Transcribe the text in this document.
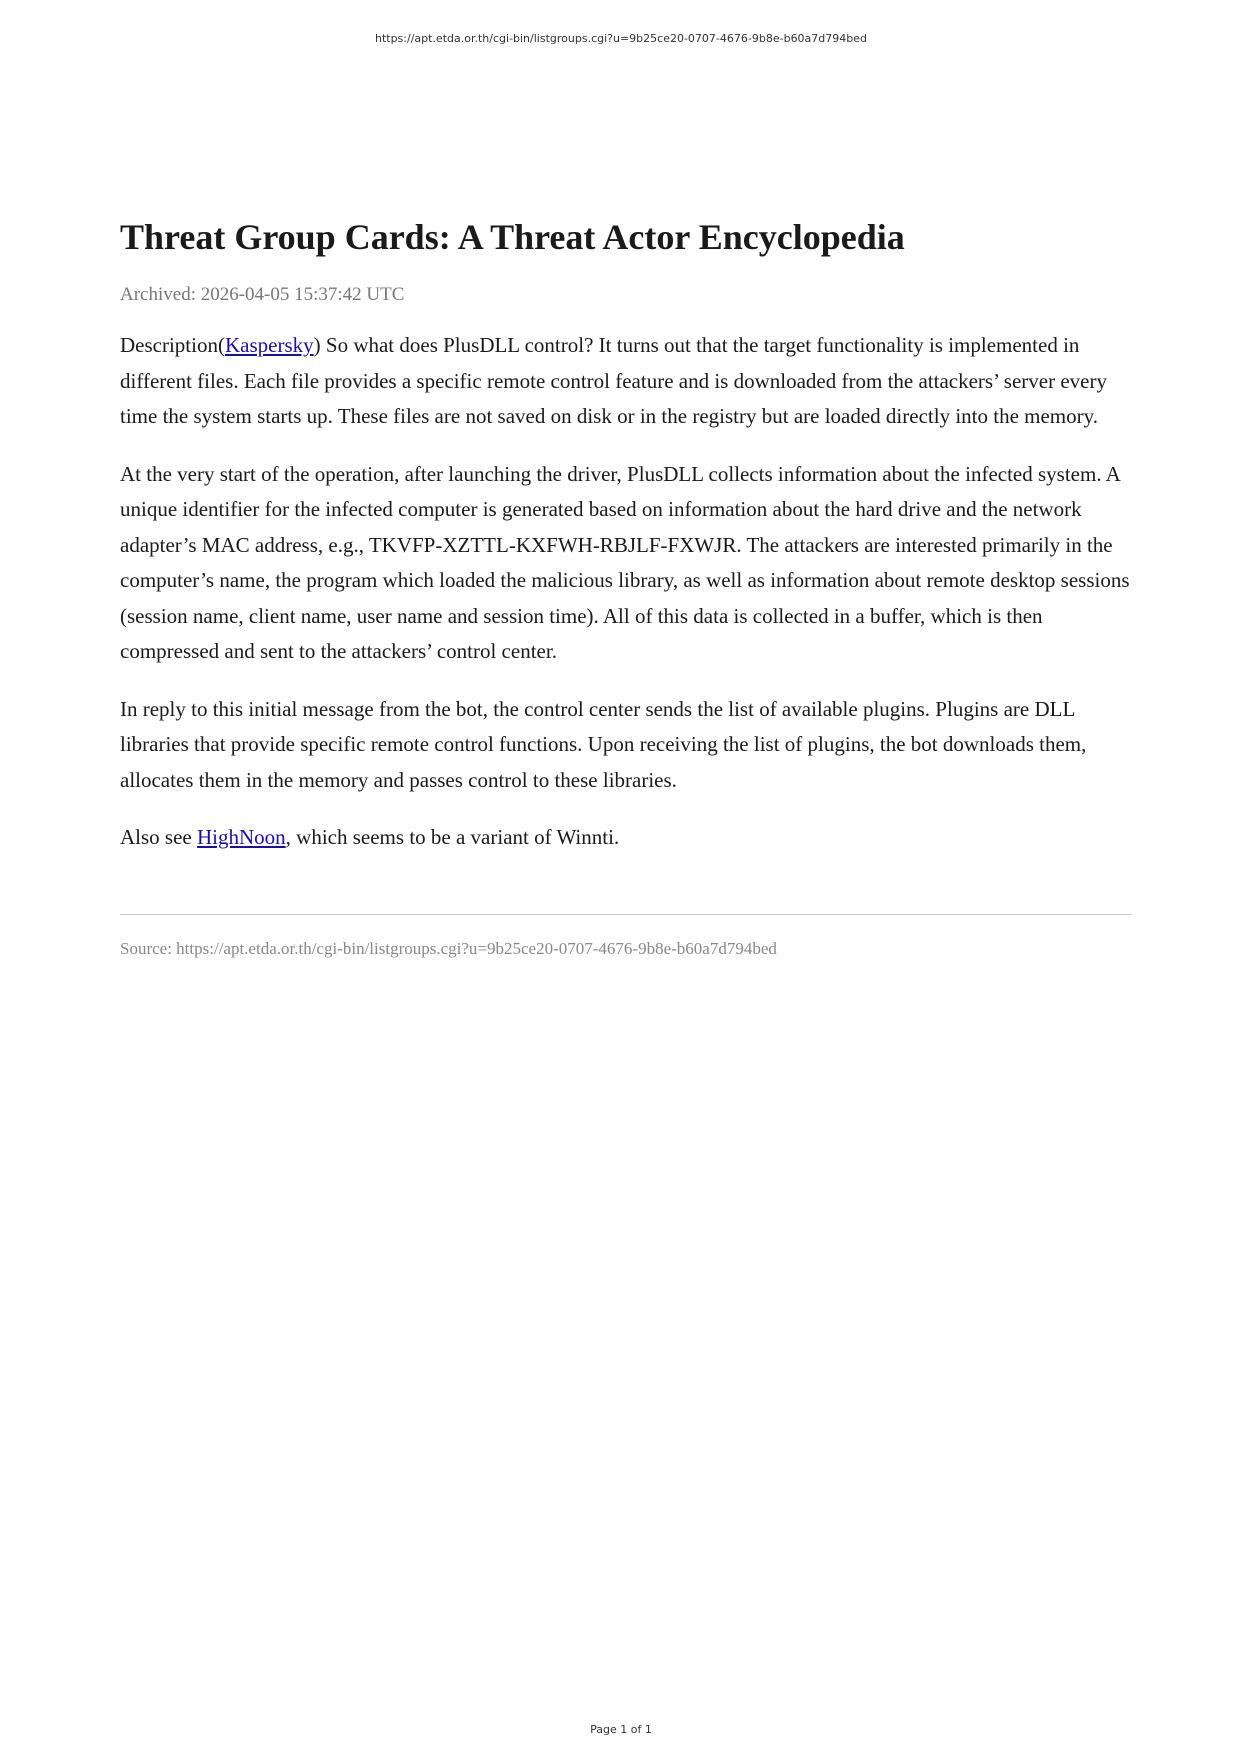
https://apt.etda.or.th/cgi-bin/listgroups.cgi?u=9b25ce20-0707-4676-9b8e-b60a7d794bed
Threat Group Cards: A Threat Actor Encyclopedia
Archived: 2026-04-05 15:37:42 UTC

Description(Kaspersky) So what does PlusDLL control? It turns out that the target functionality is implemented in different files. Each file provides a specific remote control feature and is downloaded from the attackers’ server every time the system starts up. These files are not saved on disk or in the registry but are loaded directly into the memory.

At the very start of the operation, after launching the driver, PlusDLL collects information about the infected system. A unique identifier for the infected computer is generated based on information about the hard drive and the network adapter’s MAC address, e.g., TKVFP-XZTTL-KXFWH-RBJLF-FXWJR. The attackers are interested primarily in the computer’s name, the program which loaded the malicious library, as well as information about remote desktop sessions (session name, client name, user name and session time). All of this data is collected in a buffer, which is then compressed and sent to the attackers’ control center.

In reply to this initial message from the bot, the control center sends the list of available plugins. Plugins are DLL libraries that provide specific remote control functions. Upon receiving the list of plugins, the bot downloads them, allocates them in the memory and passes control to these libraries.

Also see HighNoon, which seems to be a variant of Winnti.

Source: https://apt.etda.or.th/cgi-bin/listgroups.cgi?u=9b25ce20-0707-4676-9b8e-b60a7d794bed
Page 1 of 1
